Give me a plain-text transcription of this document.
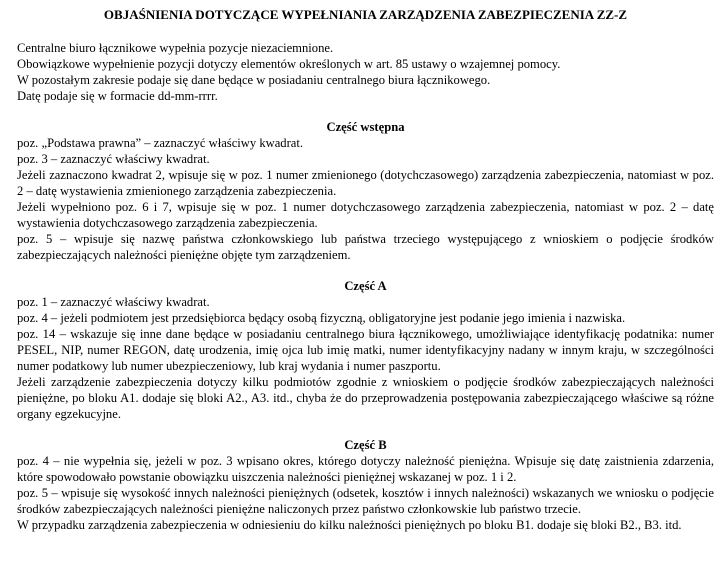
OBJAŚNIENIA DOTYCZĄCE WYPEŁNIANIA ZARZĄDZENIA ZABEZPIECZENIA ZZ-Z

Centralne biuro łącznikowe wypełnia pozycje niezaciemnione.

Obowiązkowe wypełnienie pozycji dotyczy elementów określonych w art. 85 ustawy o wzajemnej pomocy.

W pozostałym zakresie podaje się dane będące w posiadaniu centralnego biura łącznikowego.

Datę podaje się w formacie dd-mm-rrrr.

Część wstępna

poz. „Podstawa prawna” – zaznaczyć właściwy kwadrat.

poz. 3 – zaznaczyć właściwy kwadrat.

Jeżeli zaznaczono kwadrat 2, wpisuje się w poz. 1 numer zmienionego (dotychczasowego) zarządzenia zabezpieczenia, natomiast w poz. 2 – datę wystawienia zmienionego zarządzenia zabezpieczenia.

Jeżeli wypełniono poz. 6 i 7, wpisuje się w poz. 1 numer dotychczasowego zarządzenia zabezpieczenia, natomiast w poz. 2 – datę wystawienia dotychczasowego zarządzenia zabezpieczenia.

poz. 5 – wpisuje się nazwę państwa członkowskiego lub państwa trzeciego występującego z wnioskiem o podjęcie środków zabezpieczających należności pieniężne objęte tym zarządzeniem.

Część A

poz. 1 – zaznaczyć właściwy kwadrat.

poz. 4 – jeżeli podmiotem jest przedsiębiorca będący osobą fizyczną, obligatoryjne jest podanie jego imienia i nazwiska.

poz. 14 – wskazuje się inne dane będące w posiadaniu centralnego biura łącznikowego, umożliwiające identyfikację podatnika: numer PESEL, NIP, numer REGON, datę urodzenia, imię ojca lub imię matki, numer identyfikacyjny nadany w innym kraju, w szczególności numer podatkowy lub numer ubezpieczeniowy, lub kraj wydania i numer paszportu.

Jeżeli zarządzenie zabezpieczenia dotyczy kilku podmiotów zgodnie z wnioskiem o podjęcie środków zabezpieczających należności pieniężne, po bloku A1. dodaje się bloki A2., A3. itd., chyba że do przeprowadzenia postępowania zabezpieczającego właściwe są różne organy egzekucyjne.

Część B

poz. 4 – nie wypełnia się, jeżeli w poz. 3 wpisano okres, którego dotyczy należność pieniężna. Wpisuje się datę zaistnienia zdarzenia, które spowodowało powstanie obowiązku uiszczenia należności pieniężnej wskazanej w poz. 1 i 2.

poz. 5 – wpisuje się wysokość innych należności pieniężnych (odsetek, kosztów i innych należności) wskazanych we wniosku o podjęcie środków zabezpieczających należności pieniężne naliczonych przez państwo członkowskie lub państwo trzecie.

W przypadku zarządzenia zabezpieczenia w odniesieniu do kilku należności pieniężnych po bloku B1. dodaje się bloki B2., B3. itd.
